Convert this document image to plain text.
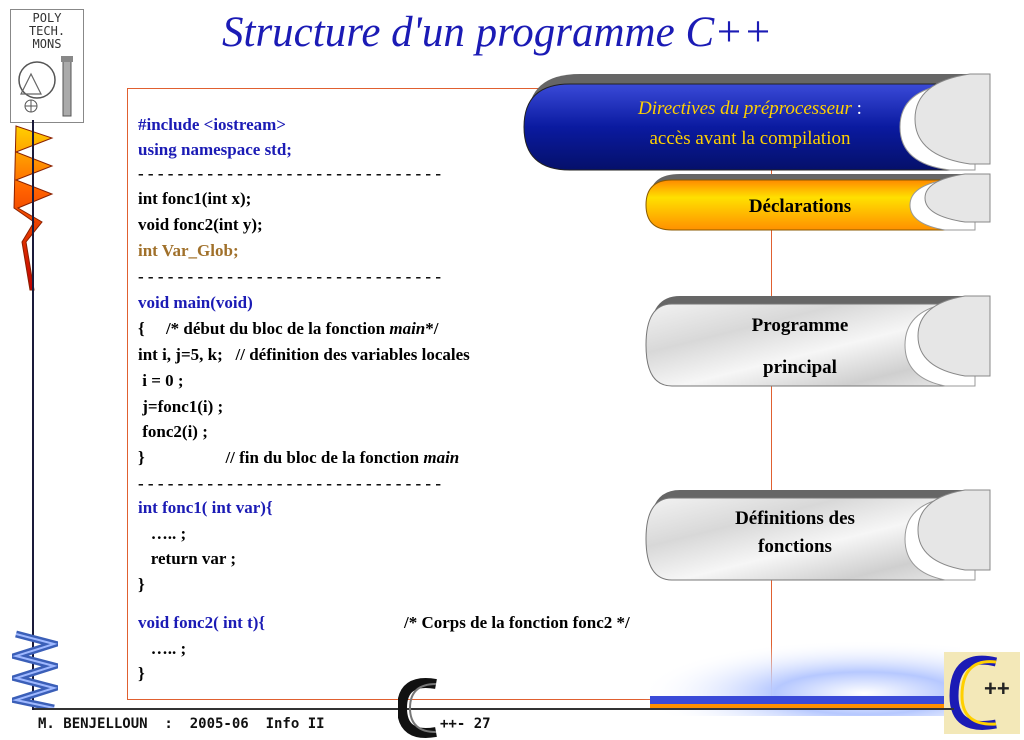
Structure d'un programme C++
POLY
TECH.
MONS
#include <iostream>
using namespace std;
- - - - - - - - - - - - - - - - - - - - - - - - - - - - - - -
int fonc1(int x);
void fonc2(int y);
int Var_Glob;
- - - - - - - - - - - - - - - - - - - - - - - - - - - - - - -
void main(void)
{     /* début du bloc de la fonction main*/
int i, j=5, k;   // définition des variables locales
i = 0 ;
j=fonc1(i) ;
fonc2(i) ;
}                   // fin du bloc de la fonction main
- - - - - - - - - - - - - - - - - - - - - - - - - - - - - - -
int fonc1( int var){
….. ;
return var ;
}
void fonc2( int t){	/* Corps de la fonction fonc2 */
….. ;
}
Directives du préprocesseur :
accès avant la compilation
Déclarations
Programme
principal
Définitions des
fonctions
++
M. BENJELLOUN  :  2005-06  Info II	++- 27
